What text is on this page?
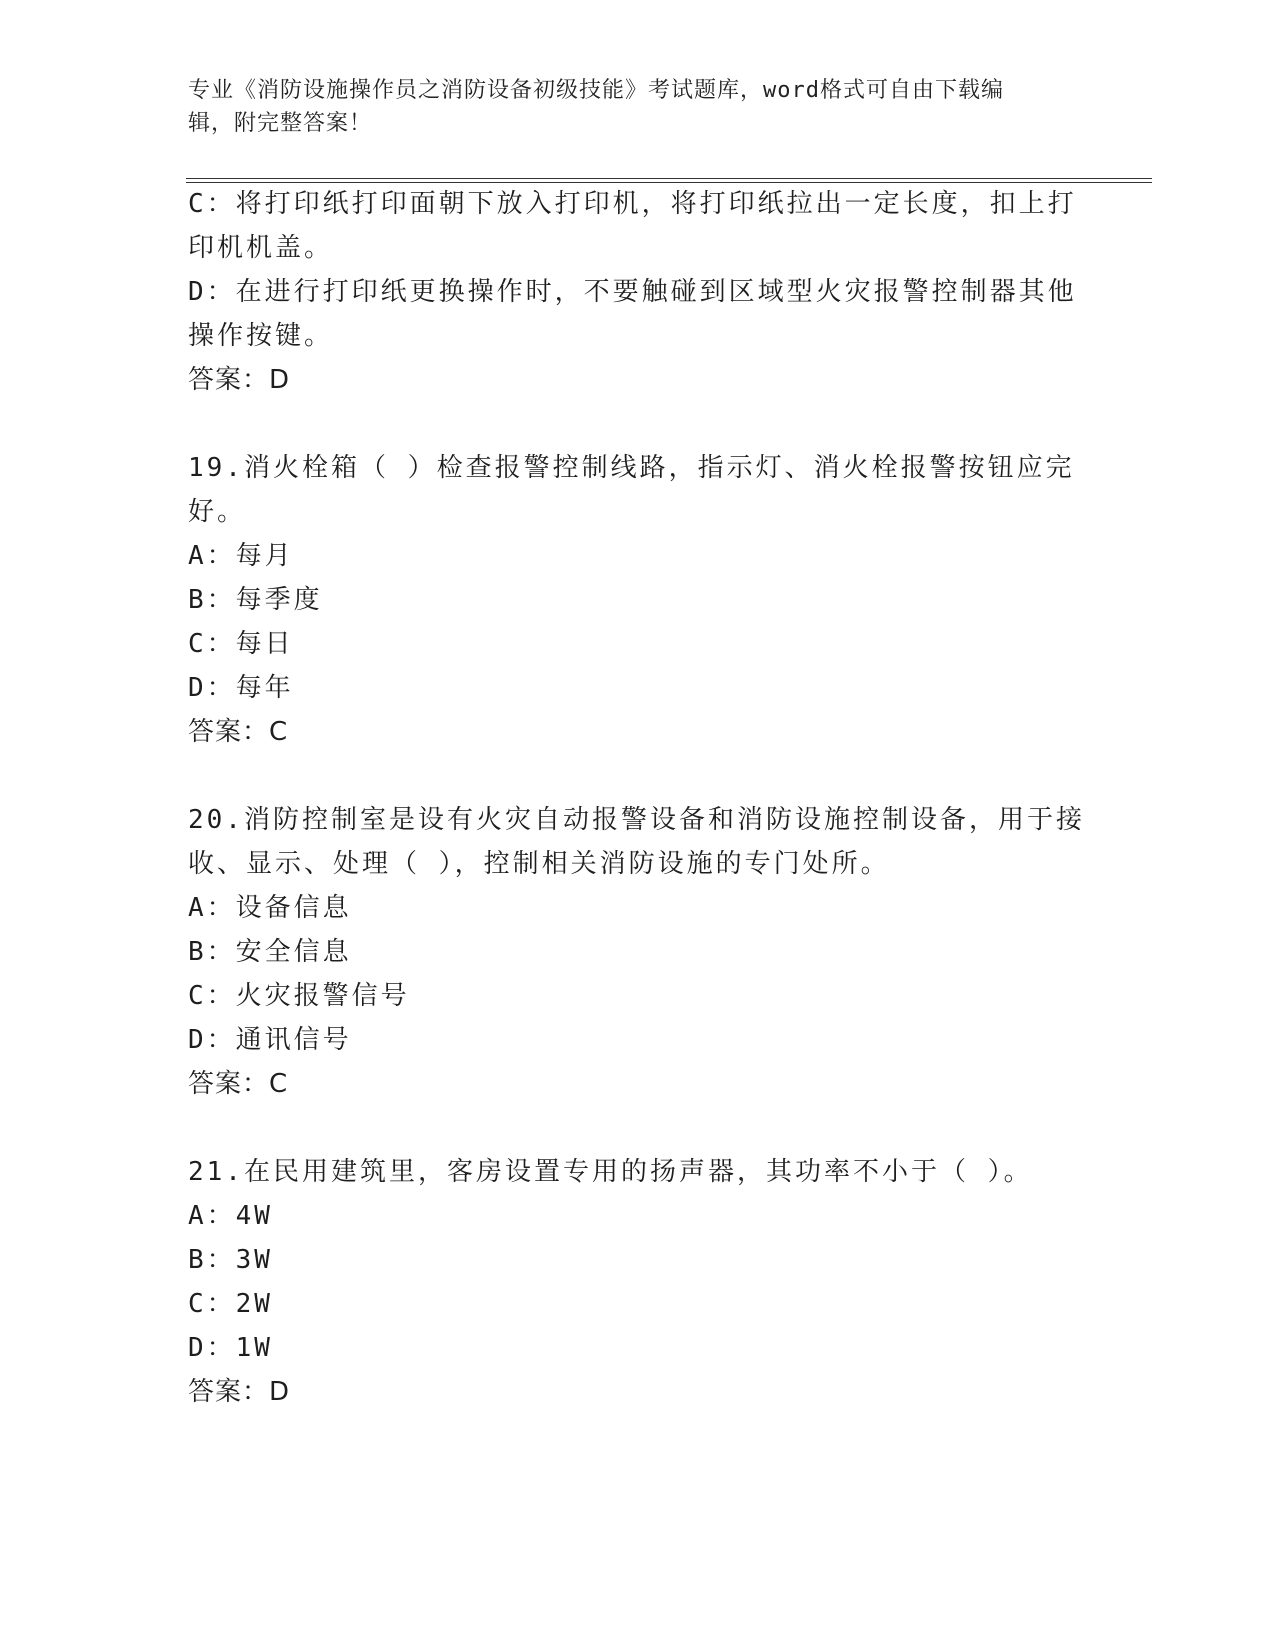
专业《消防设施操作员之消防设备初级技能》考试题库，word格式可自由下载编
辑，附完整答案！
C：将打印纸打印面朝下放入打印机，将打印纸拉出一定长度，扣上打
印机机盖。
D：在进行打印纸更换操作时，不要触碰到区域型火灾报警控制器其他
操作按键。
答案：D
19.消火栓箱（ ）检查报警控制线路，指示灯、消火栓报警按钮应完
好。
A：每月
B：每季度
C：每日
D：每年
答案：C
20.消防控制室是设有火灾自动报警设备和消防设施控制设备，用于接
收、显示、处理（ ），控制相关消防设施的专门处所。
A：设备信息
B：安全信息
C：火灾报警信号
D：通讯信号
答案：C
21.在民用建筑里，客房设置专用的扬声器，其功率不小于（ ）。
A：4W
B：3W
C：2W
D：1W
答案：D
